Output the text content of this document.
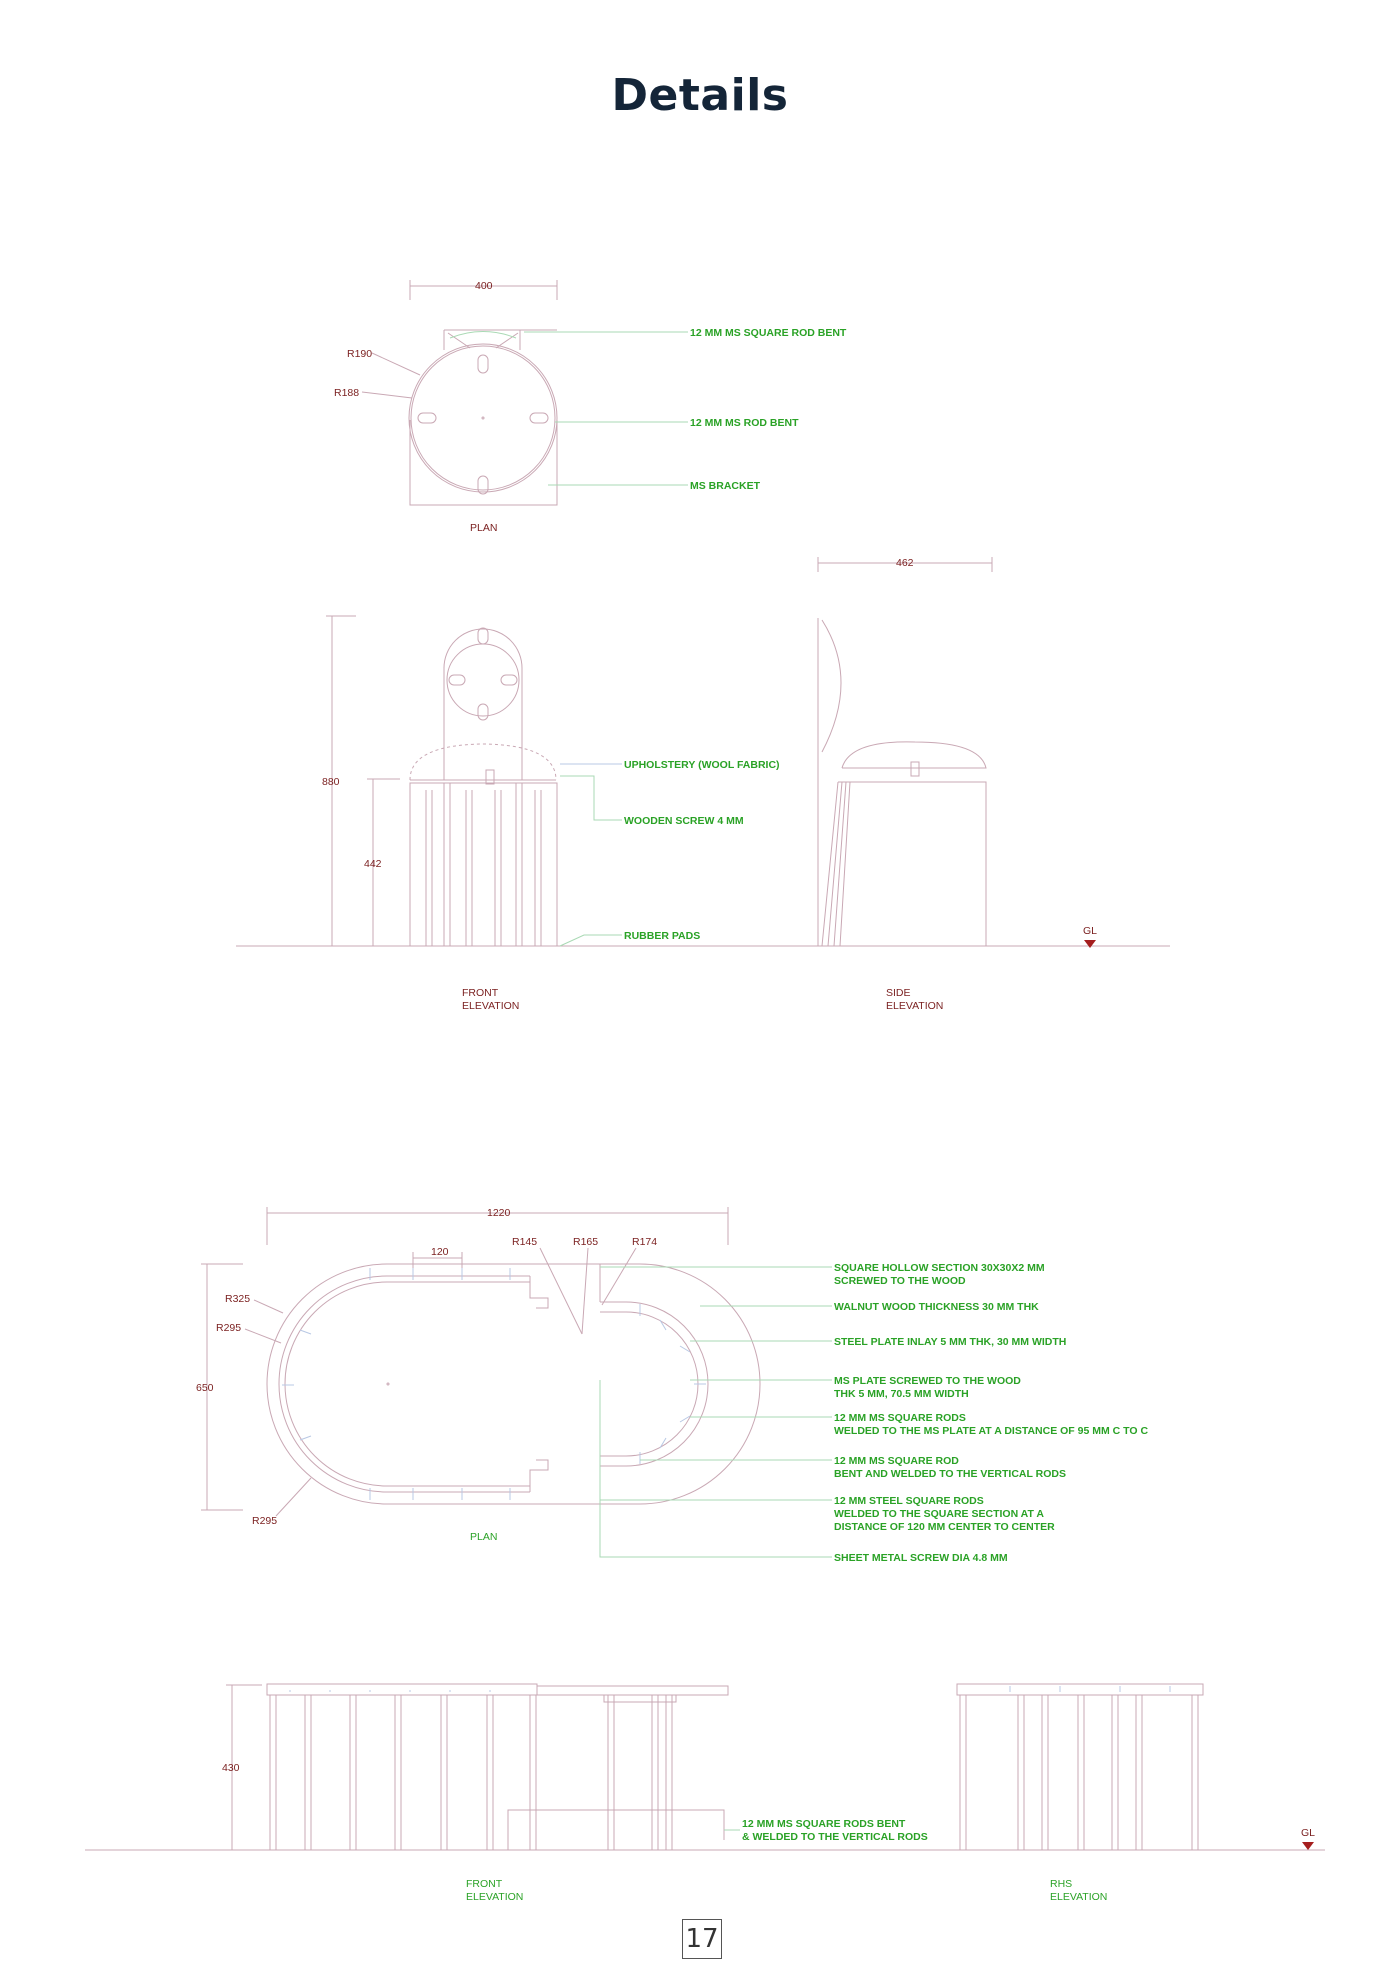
Details
400
R190
R188
12 MM MS SQUARE ROD BENT
12 MM MS ROD BENT
MS BRACKET
PLAN
880
442
UPHOLSTERY (WOOL FABRIC)
WOODEN SCREW 4 MM
RUBBER PADS
FRONT
ELEVATION
462
GL
SIDE
ELEVATION
1220
120
650
R145	R165	R174
R325
R295
R295
PLAN
SQUARE HOLLOW SECTION 30X30X2 MM
SCREWED TO THE WOOD
WALNUT WOOD THICKNESS 30 MM THK
STEEL PLATE INLAY 5 MM THK, 30 MM WIDTH
MS PLATE SCREWED TO THE WOOD
THK 5 MM, 70.5 MM WIDTH
12 MM MS SQUARE RODS
WELDED TO THE MS PLATE AT A DISTANCE OF 95 MM C TO C
12 MM MS SQUARE ROD
BENT AND WELDED TO THE VERTICAL RODS
12 MM STEEL SQUARE RODS
WELDED TO THE SQUARE SECTION AT A
DISTANCE OF 120 MM CENTER TO CENTER
SHEET METAL SCREW DIA 4.8 MM
430
12 MM MS SQUARE RODS BENT
& WELDED TO THE VERTICAL RODS
FRONT
ELEVATION
GL
RHS
ELEVATION
17
